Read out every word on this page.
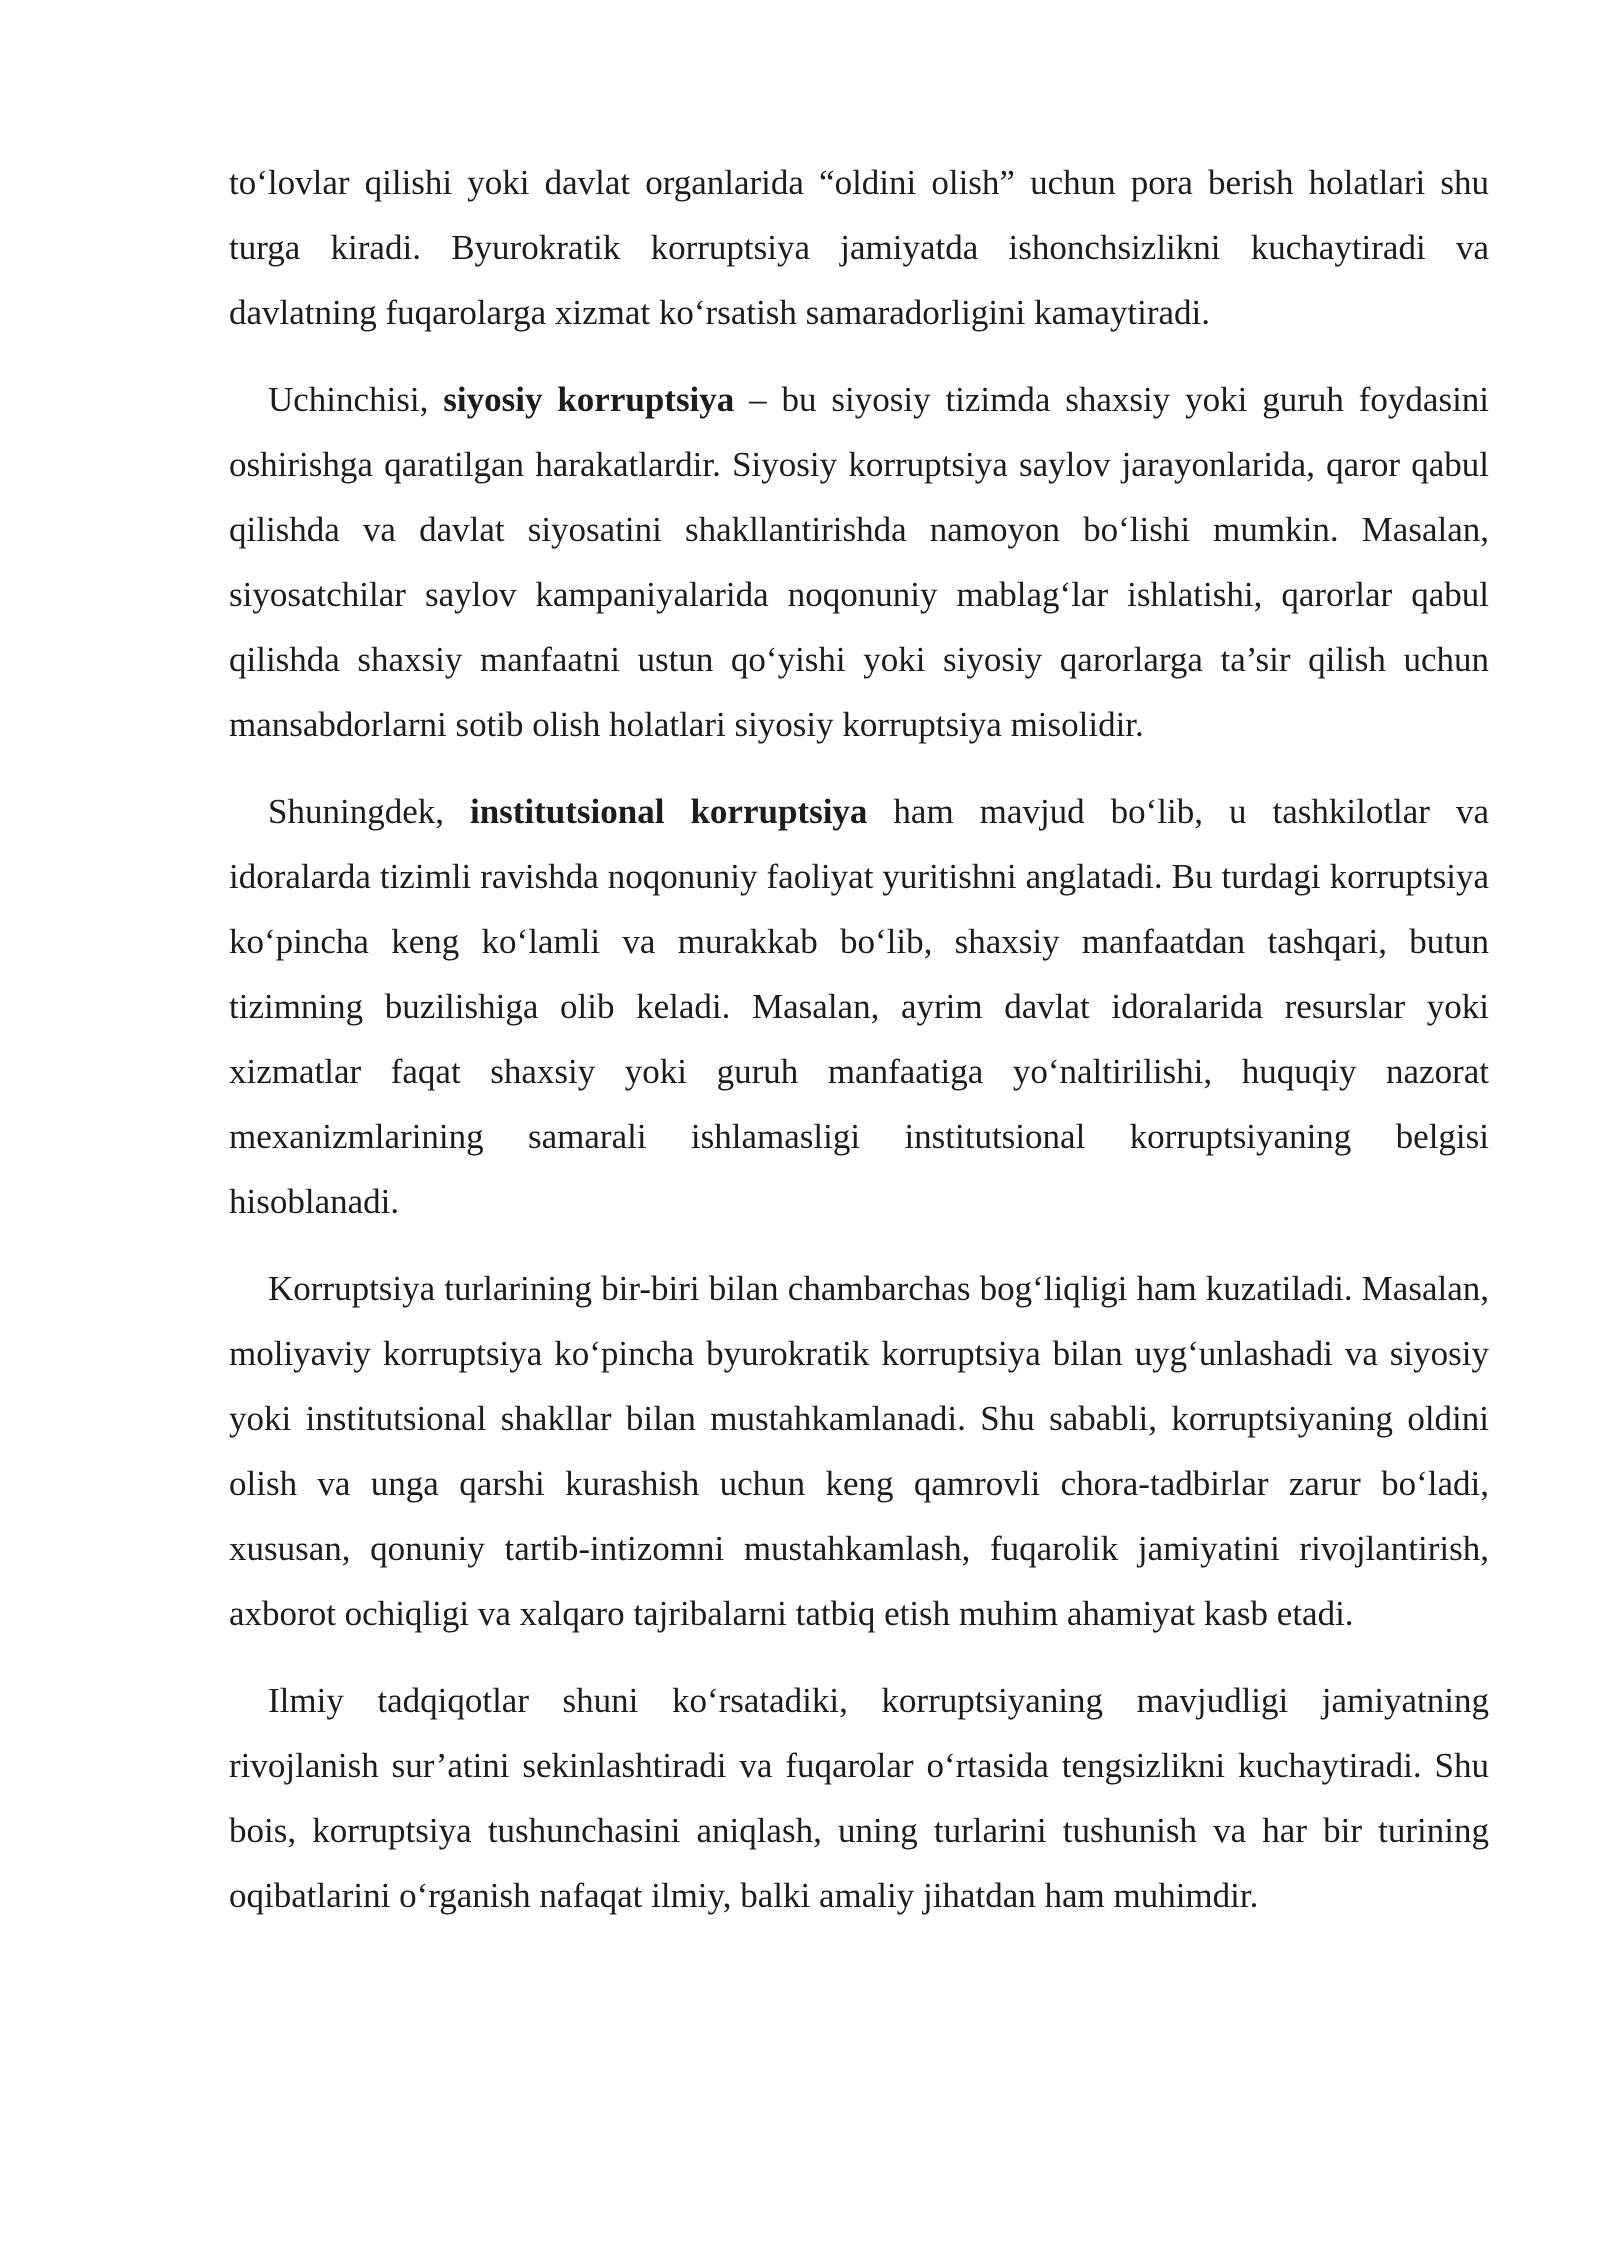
to‘lovlar qilishi yoki davlat organlarida “oldini olish” uchun pora berish holatlari shu turga kiradi. Byurokratik korruptsiya jamiyatda ishonchsizlikni kuchaytiradi va davlatning fuqarolarga xizmat ko‘rsatish samaradorligini kamaytiradi.

Uchinchisi, siyosiy korruptsiya – bu siyosiy tizimda shaxsiy yoki guruh foydasini oshirishga qaratilgan harakatlardir. Siyosiy korruptsiya saylov jarayonlarida, qaror qabul qilishda va davlat siyosatini shakllantirishda namoyon bo‘lishi mumkin. Masalan, siyosatchilar saylov kampaniyalarida noqonuniy mablag‘lar ishlatishi, qarorlar qabul qilishda shaxsiy manfaatni ustun qo‘yishi yoki siyosiy qarorlarga ta’sir qilish uchun mansabdorlarni sotib olish holatlari siyosiy korruptsiya misolidir.

Shuningdek, institutsional korruptsiya ham mavjud bo‘lib, u tashkilotlar va idoralarda tizimli ravishda noqonuniy faoliyat yuritishni anglatadi. Bu turdagi korruptsiya ko‘pincha keng ko‘lamli va murakkab bo‘lib, shaxsiy manfaatdan tashqari, butun tizimning buzilishiga olib keladi. Masalan, ayrim davlat idoralarida resurslar yoki xizmatlar faqat shaxsiy yoki guruh manfaatiga yo‘naltirilishi, huquqiy nazorat mexanizmlarining samarali ishlamasligi institutsional korruptsiyaning belgisi hisoblanadi.

Korruptsiya turlarining bir-biri bilan chambarchas bog‘liqligi ham kuzatiladi. Masalan, moliyaviy korruptsiya ko‘pincha byurokratik korruptsiya bilan uyg‘unlashadi va siyosiy yoki institutsional shakllar bilan mustahkamlanadi. Shu sababli, korruptsiyaning oldini olish va unga qarshi kurashish uchun keng qamrovli chora-tadbirlar zarur bo‘ladi, xususan, qonuniy tartib-intizomni mustahkamlash, fuqarolik jamiyatini rivojlantirish, axborot ochiqligi va xalqaro tajribalarni tatbiq etish muhim ahamiyat kasb etadi.

Ilmiy tadqiqotlar shuni ko‘rsatadiki, korruptsiyaning mavjudligi jamiyatning rivojlanish sur’atini sekinlashtiradi va fuqarolar o‘rtasida tengsizlikni kuchaytiradi. Shu bois, korruptsiya tushunchasini aniqlash, uning turlarini tushunish va har bir turining oqibatlarini o‘rganish nafaqat ilmiy, balki amaliy jihatdan ham muhimdir.
